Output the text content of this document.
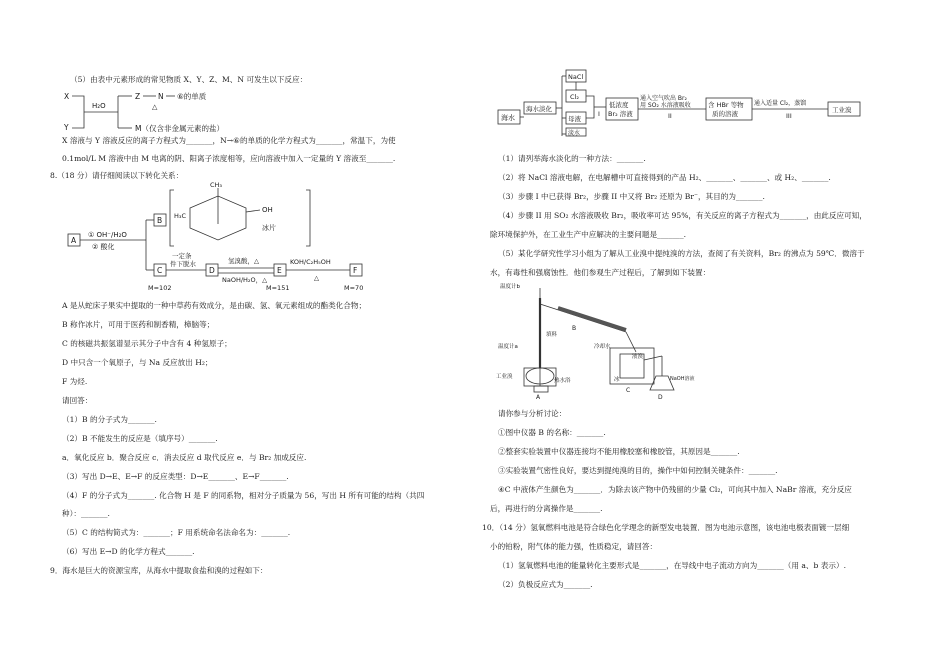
（5）由表中元素形成的常见物质 X、Y、Z、M、N 可发生以下反应：
X
Y
H₂O
Z N ⑥的单质
△
M（仅含非金属元素的盐）
X 溶液与 Y 溶液反应的离子方程式为_______，N→⑥的单质的化学方程式为_______，常温下，为使
0.1mol/L M 溶液中由 M 电离的阴、阳离子浓度相等，应向溶液中加入一定量的 Y 溶液至_______.
8.（18 分）请仔细阅读以下转化关系：
A
① OH⁻/H₂O
② 酸化
B
CH₃
H₃C
OH
冰片
C
一定条
件下脱水
D
氢溴酸，△
NaOH/H₂O，△
E
KOH/C₂H₅OH
△
F
M=102	M=151	M=70
A 是从蛇床子果实中提取的一种中草药有效成分，是由碳、氢、氧元素组成的酯类化合物；
B 称作冰片，可用于医药和制香精，樟脑等；
C 的核磁共振氢谱显示其分子中含有 4 种氢原子；
D 中只含一个氧原子，与 Na 反应放出 H₂；
F 为烃.
请回答：
（1）B 的分子式为_______.
（2）B 不能发生的反应是（填序号）_______.
a．氧化反应 b．聚合反应 c．消去反应 d 取代反应 e．与 Br₂ 加成反应.
（3）写出 D→E、E→F 的反应类型：D→E_______、E→F_______.
（4）F 的分子式为_______. 化合物 H 是 F 的同系物，相对分子质量为 56，写出 H 所有可能的结构（共四
种）：_______.
（5）C 的结构简式为：_______；F 用系统命名法命名为：_______.
（6）写出 E→D 的化学方程式_______.
9．海水是巨大的资源宝库，从海水中提取食盐和溴的过程如下：
海水
海水淡化
NaCl
Cl₂
母液
淡水
I
低浓度
Br₂ 溶液
通入空气吹出 Br₂
用 SO₂ 水溶液吸收
II
含 HBr 等物
质的溶液
通入适量 Cl₂，蒸馏
III
工业溴
（1）请列举海水淡化的一种方法：_______.
（2）将 NaCl 溶液电解，在电解槽中可直接得到的产品 H₂、_______、_______、或 H₂、_______.
（3）步骤 I 中已获得 Br₂，步骤 II 中又将 Br₂ 还原为 Br⁻，其目的为_______.
（4）步骤 II 用 SO₂ 水溶液吸收 Br₂，吸收率可达 95%，有关反应的离子方程式为_______，由此反应可知，
除环境保护外，在工业生产中应解决的主要问题是_______.
（5）某化学研究性学习小组为了解从工业溴中提纯溴的方法，查阅了有关资料，Br₂ 的沸点为 59℃．微溶于
水，有毒性和强腐蚀性．他们参观生产过程后，了解到如下装置：
温度计b
温度计a
填料
冷却水
工业溴
热水浴	冰
液溴
NaOH溶液
A
B
C
D
请你参与分析讨论：
①图中仪器 B 的名称：_______.
②整套实验装置中仪器连接均不能用橡胶塞和橡胶管，其原因是_______.
③实验装置气密性良好，要达到提纯溴的目的，操作中如何控制关键条件：_______.
④C 中液体产生颜色为_______．为除去该产物中仍残留的少量 Cl₂，可向其中加入 NaBr 溶液，充分反应
后，再进行的分离操作是_______.
10．（14 分）氢氧燃料电池是符合绿色化学理念的新型发电装置．图为电池示意图，该电池电极表面镀一层细
小的铂粉，附气体的能力强，性质稳定，请回答：
（1）氢氧燃料电池的能量转化主要形式是_______，在导线中电子流动方向为_______（用 a、b 表示）.
（2）负极反应式为_______.
